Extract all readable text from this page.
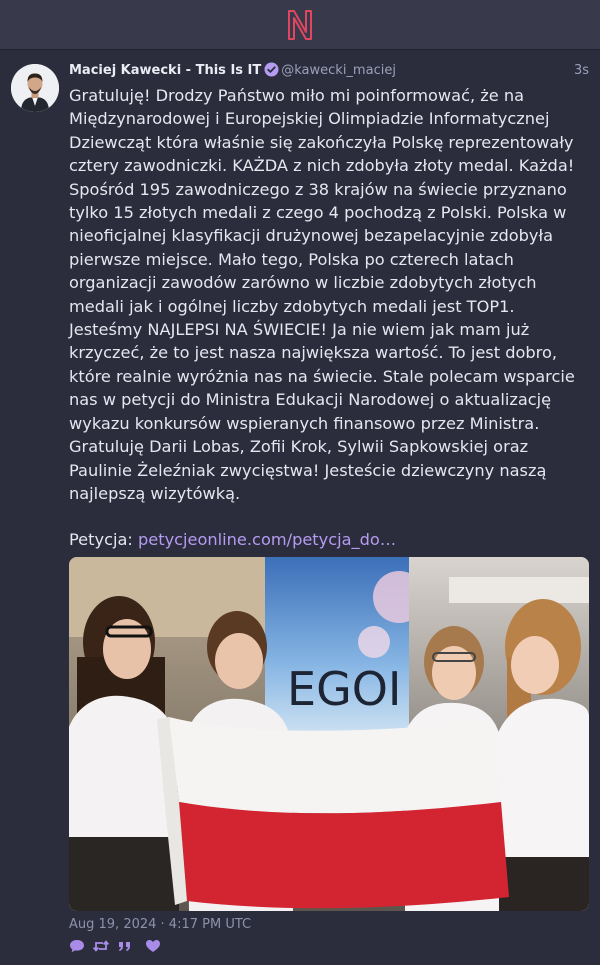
Maciej Kawecki - This Is IT @kawecki_maciej	3s

Gratuluję! Drodzy Państwo miło mi poinformować, że na Międzynarodowej i Europejskiej Olimpiadzie Informatycznej Dziewcząt która właśnie się zakończyła Polskę reprezentowały cztery zawodniczki. KAŻDA z nich zdobyła złoty medal. Każda! Spośród 195 zawodniczego z 38 krajów na świecie przyznano tylko 15 złotych medali z czego 4 pochodzą z Polski. Polska w nieoficjalnej klasyfikacji drużynowej bezapelacyjnie zdobyła pierwsze miejsce. Mało tego, Polska po czterech latach organizacji zawodów zarówno w liczbie zdobytych złotych medali jak i ogólnej liczby zdobytych medali jest TOP1. Jesteśmy NAJLEPSI NA ŚWIECIE! Ja nie wiem jak mam już krzyczeć, że to jest nasza największa wartość. To jest dobro, które realnie wyróżnia nas na świecie. Stale polecam wsparcie nas w petycji do Ministra Edukacji Narodowej o aktualizację wykazu konkursów wspieranych finansowo przez Ministra. Gratuluję Darii Lobas, Zofii Krok, Sylwii Sapkowskiej oraz Paulinie Żeleźniak zwycięstwa! Jesteście dziewczyny naszą najlepszą wizytówką.

Petycja: petycjeonline.com/petycja_do…

EGOI
Aug 19, 2024 · 4:17 PM UTC
